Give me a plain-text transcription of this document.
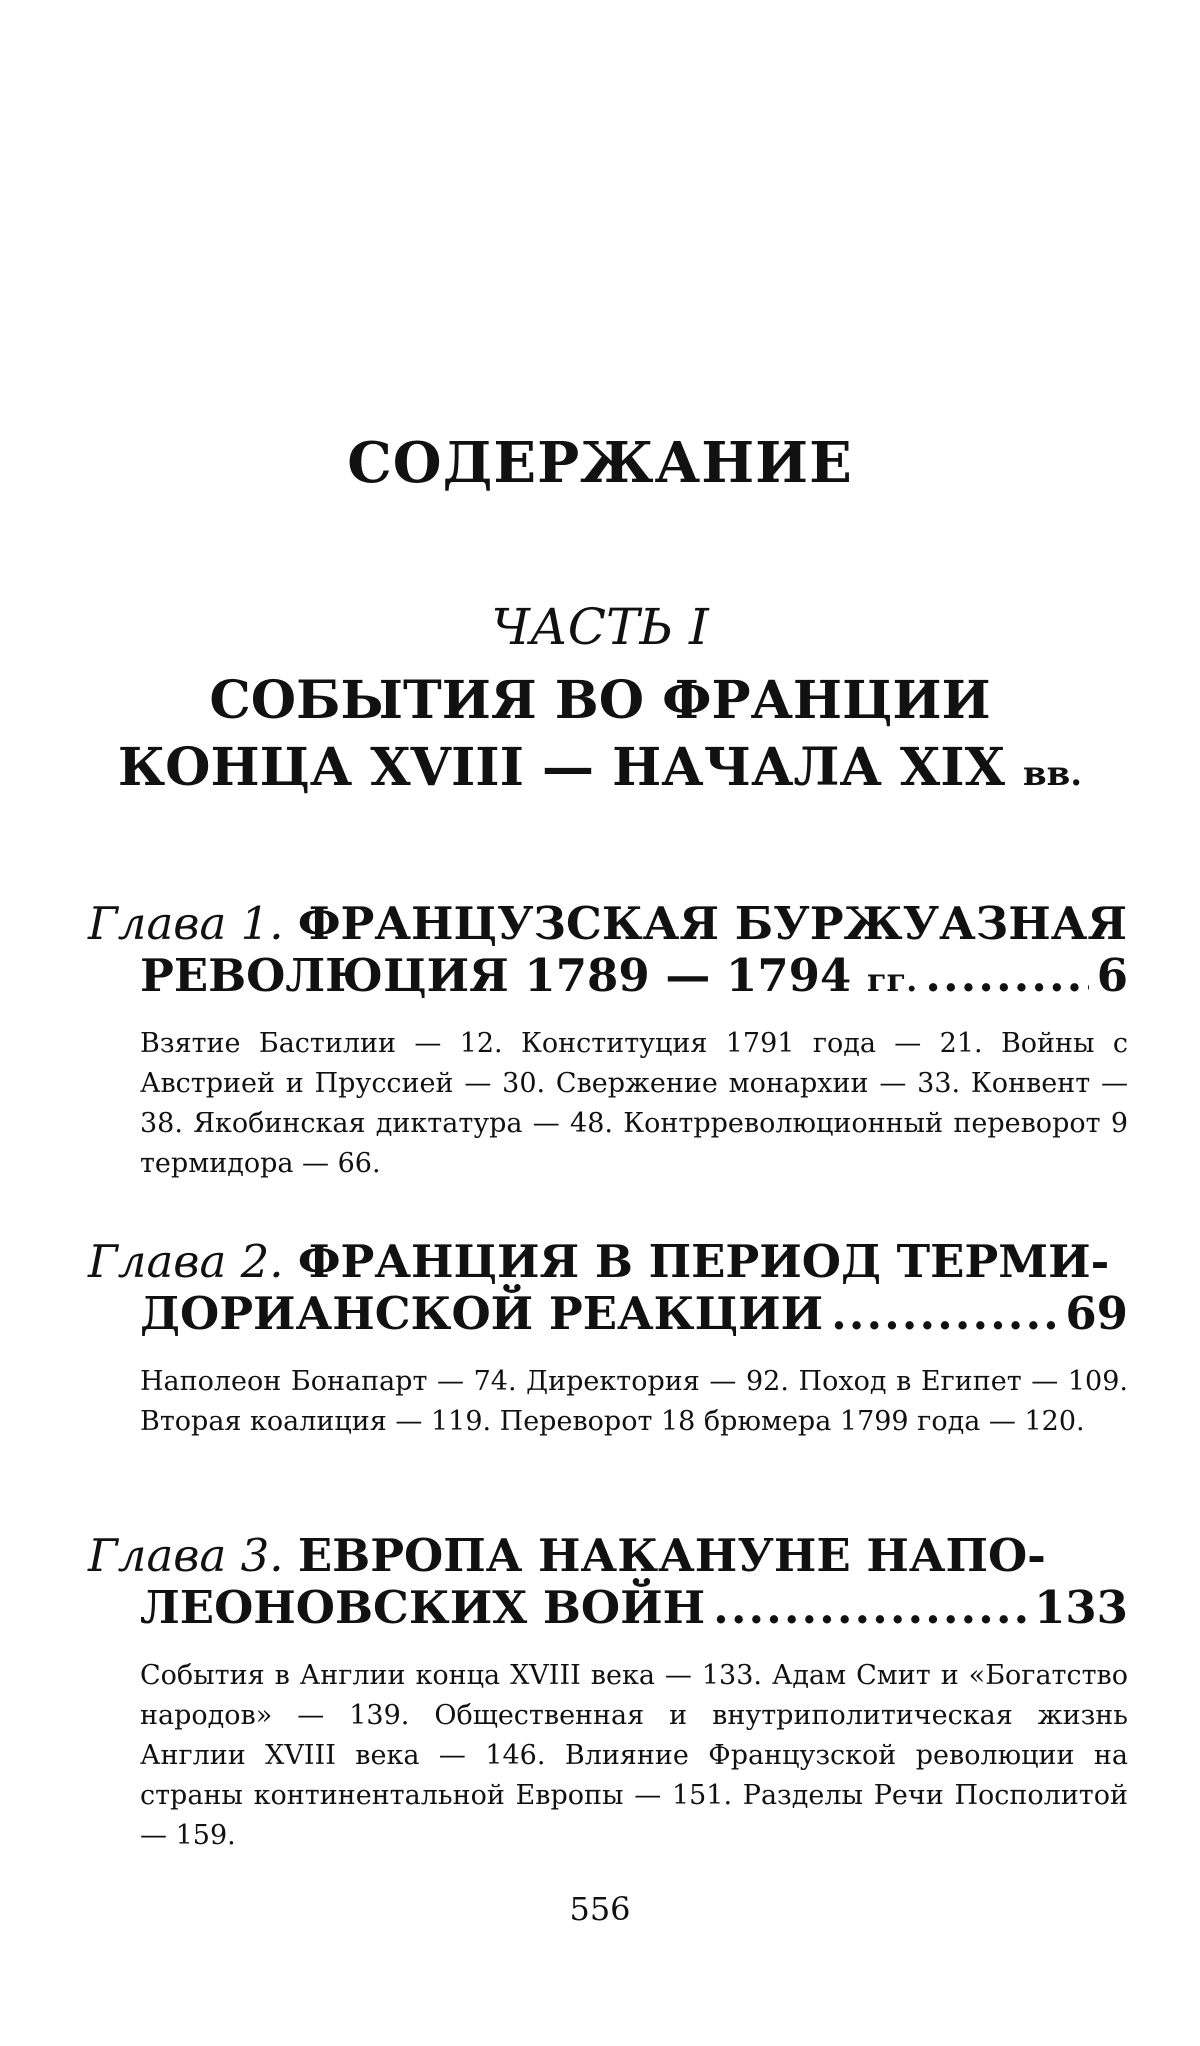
СОДЕРЖАНИЕ
ЧАСТЬ I
СОБЫТИЯ ВО ФРАНЦИИ
КОНЦА XVIII — НАЧАЛА XIX вв.
Глава 1. ФРАНЦУЗСКАЯ БУРЖУАЗНАЯ
РЕВОЛЮЦИЯ 1789 — 1794 гг. .....	6
Взятие Бастилии — 12. Конституция 1791 года — 21. Войны с Австрией и Пруссией — 30. Свержение монархии — 33. Конвент — 38. Якобинская диктатура — 48. Контрреволюционный переворот 9 термидора — 66.
Глава 2. ФРАНЦИЯ В ПЕРИОД ТЕРМИ-
ДОРИАНСКОЙ РЕАКЦИИ .....	69
Наполеон Бонапарт — 74. Директория — 92. Поход в Египет — 109. Вторая коалиция — 119. Переворот 18 брюмера 1799 года — 120.
Глава 3. ЕВРОПА НАКАНУНЕ НАПО-
ЛЕОНОВСКИХ ВОЙН .....	133
События в Англии конца XVIII века — 133. Адам Смит и «Богатство народов» — 139. Общественная и внутриполитическая жизнь Англии XVIII века — 146. Влияние Французской революции на страны континентальной Европы — 151. Разделы Речи Посполитой — 159.
556
